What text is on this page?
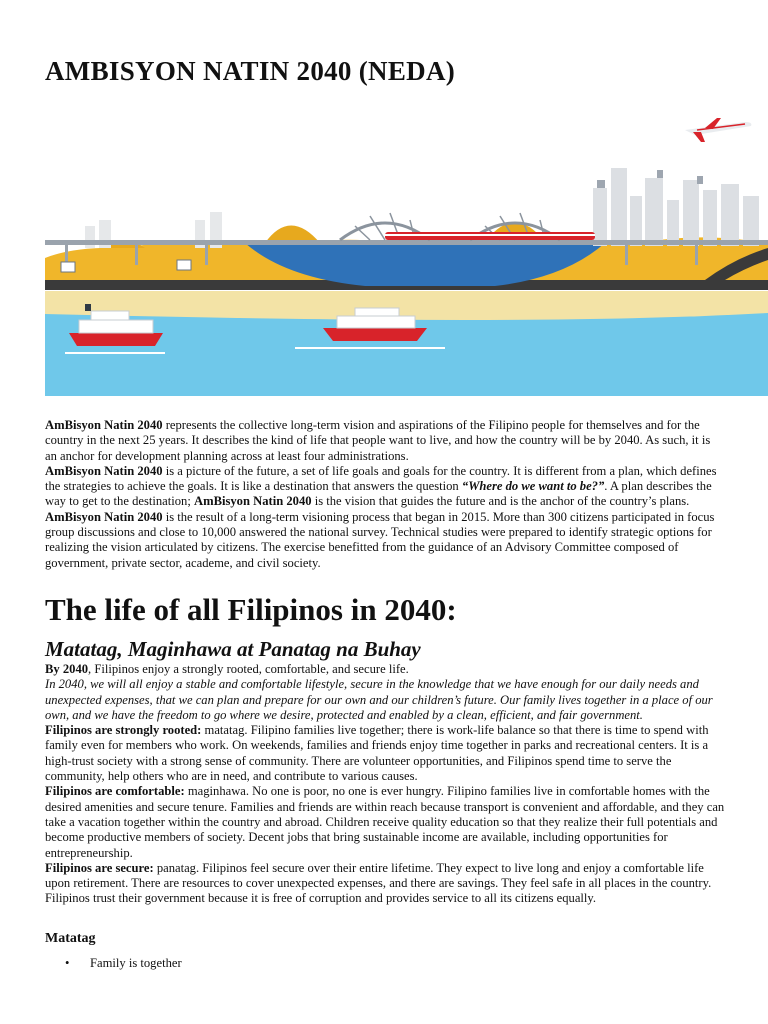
AMBISYON NATIN 2040 (NEDA)

AmBisyon Natin 2040 represents the collective long-term vision and aspirations of the Filipino people for themselves and for the country in the next 25 years. It describes the kind of life that people want to live, and how the country will be by 2040. As such, it is an anchor for development planning across at least four administrations.

AmBisyon Natin 2040 is a picture of the future, a set of life goals and goals for the country. It is different from a plan, which defines the strategies to achieve the goals. It is like a destination that answers the question “Where do we want to be?”. A plan describes the way to get to the destination; AmBisyon Natin 2040 is the vision that guides the future and is the anchor of the country’s plans.

AmBisyon Natin 2040 is the result of a long-term visioning process that began in 2015. More than 300 citizens participated in focus group discussions and close to 10,000 answered the national survey. Technical studies were prepared to identify strategic options for realizing the vision articulated by citizens. The exercise benefitted from the guidance of an Advisory Committee composed of government, private sector, academe, and civil society.

The life of all Filipinos in 2040:
Matatag, Maginhawa at Panatag na Buhay

By 2040, Filipinos enjoy a strongly rooted, comfortable, and secure life.

In 2040, we will all enjoy a stable and comfortable lifestyle, secure in the knowledge that we have enough for our daily needs and unexpected expenses, that we can plan and prepare for our own and our children’s future. Our family lives together in a place of our own, and we have the freedom to go where we desire, protected and enabled by a clean, efficient, and fair government.

Filipinos are strongly rooted: matatag. Filipino families live together; there is work-life balance so that there is time to spend with family even for members who work. On weekends, families and friends enjoy time together in parks and recreational centers. It is a high-trust society with a strong sense of community. There are volunteer opportunities, and Filipinos spend time to serve the community, help others who are in need, and contribute to various causes.

Filipinos are comfortable: maginhawa. No one is poor, no one is ever hungry. Filipino families live in comfortable homes with the desired amenities and secure tenure. Families and friends are within reach because transport is convenient and affordable, and they can take a vacation together within the country and abroad. Children receive quality education so that they realize their full potentials and become productive members of society. Decent jobs that bring sustainable income are available, including opportunities for entrepreneurship.

Filipinos are secure: panatag. Filipinos feel secure over their entire lifetime. They expect to live long and enjoy a comfortable life upon retirement. There are resources to cover unexpected expenses, and there are savings. They feel safe in all places in the country. Filipinos trust their government because it is free of corruption and provides service to all its citizens equally.

Matatag
• Family is together
